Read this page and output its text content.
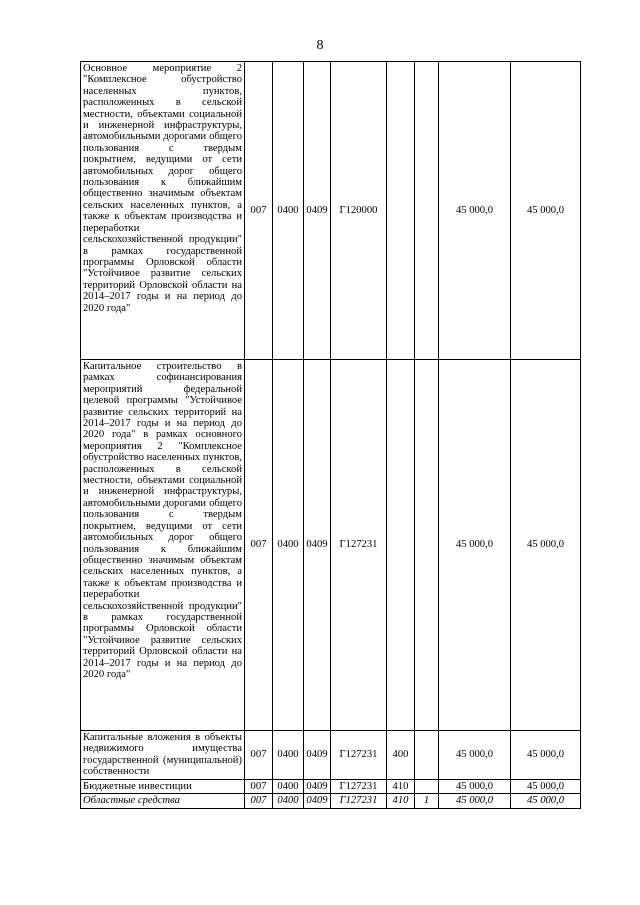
8
Основное мероприятие 2 "Комплексное обустройство населенных пунктов, расположенных в сельской местности, объектами социальной и инженерной инфраструктуры, автомобильными дорогами общего пользования с твердым покрытием, ведущими от сети автомобильных дорог общего пользования к ближайшим общественно значимым объектам сельских населенных пунктов, а также к объектам производства и переработки сельскохозяйственной продукции" в рамках государственной программы Орловской области "Устойчивое развитие сельских территорий Орловской области на 2014–2017 годы и на период до 2020 года"	007	0400	0409	Г120000			45 000,0	45 000,0
Капитальное строительство в рамках софинансирования мероприятий федеральной целевой программы "Устойчивое развитие сельских территорий на 2014–2017 годы и на период до 2020 года" в рамках основного мероприятия 2 "Комплексное обустройство населенных пунктов, расположенных в сельской местности, объектами социальной и инженерной инфраструктуры, автомобильными дорогами общего пользования с твердым покрытием, ведущими от сети автомобильных дорог общего пользования к ближайшим общественно значимым объектам сельских населенных пунктов, а также к объектам производства и переработки сельскохозяйственной продукции" в рамках государственной программы Орловской области "Устойчивое развитие сельских территорий Орловской области на 2014–2017 годы и на период до 2020 года"	007	0400	0409	Г127231			45 000,0	45 000,0
Капитальные вложения в объекты недвижимого имущества государственной (муниципальной) собственности	007	0400	0409	Г127231	400		45 000,0	45 000,0
Бюджетные инвестиции	007	0400	0409	Г127231	410		45 000,0	45 000,0
Областные средства	007	0400	0409	Г127231	410	1	45 000,0	45 000,0
